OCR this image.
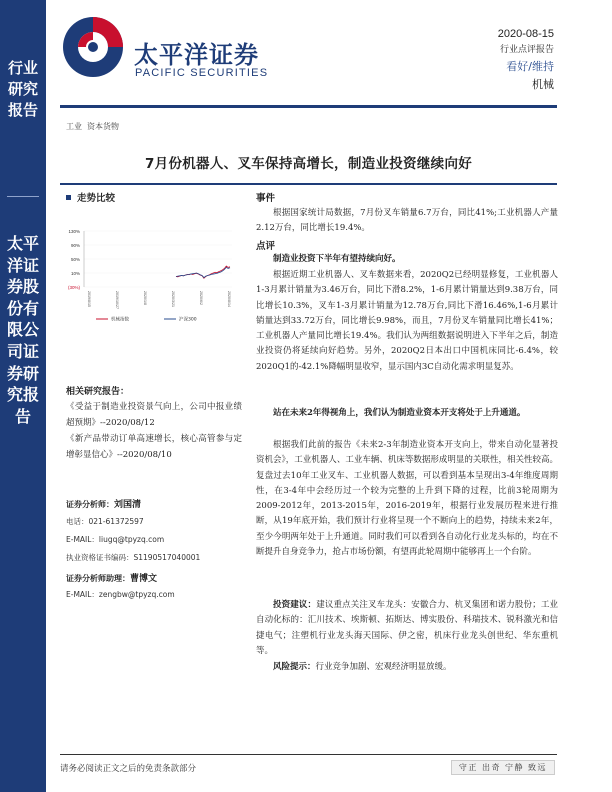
行业研究报告
太平洋证券股份有限公司证券研究报告
太平洋证券
PACIFIC SECURITIES
2020-08-15
行业点评报告
看好/维持
机械
工业 资本货物
7月份机器人、叉车保持高增长，制造业投资继续向好
走势比较
130%
90%
50%
10%
(30%)
2019/8/15	2019/10/27	2020/1/8	2020/3/21	2020/6/2	2020/8/14
机械指数	沪深300
相关研究报告：
《受益于制造业投资景气向上，公司中报业绩超预期》--2020/08/12
《新产品带动订单高速增长，核心高管参与定增彰显信心》--2020/08/10
证券分析师：刘国清
电话：021-61372597
E-MAIL：liugq@tpyzq.com
执业资格证书编码：S1190517040001
证券分析师助理：曹博文
E-MAIL：zengbw@tpyzq.com
事件
根据国家统计局数据，7月份叉车销量6.7万台，同比41%;工业机器人产量2.12万台，同比增长19.4%。
点评
制造业投资下半年有望持续向好。
根据近期工业机器人、叉车数据来看，2020Q2已经明显修复，工业机器人1-3月累计销量为3.46万台，同比下滑8.2%，1-6月累计销量达到9.38万台，同比增长10.3%，叉车1-3月累计销量为12.78万台,同比下滑16.46%,1-6月累计销量达到33.72万台，同比增长9.98%，而且，7月份叉车销量同比增长41%；工业机器人产量同比增长19.4%。我们认为两组数据说明进入下半年之后，制造业投资仍将延续向好趋势。另外，2020Q2日本出口中国机床同比-6.4%，较2020Q1的-42.1%降幅明显收窄，显示国内3C自动化需求明显复苏。
站在未来2年得视角上，我们认为制造业资本开支将处于上升通道。
根据我们此前的报告《未来2-3年制造业资本开支向上，带来自动化显著投资机会》，工业机器人、工业车辆、机床等数据形成明显的关联性，相关性较高。复盘过去10年工业叉车、工业机器人数据，可以看到基本呈现出3-4年维度周期性，在3-4年中会经历过一个较为完整的上升到下降的过程，比前3轮周期为2009-2012年，2013-2015年，2016-2019年，根据行业发展历程来进行推断，从19年底开始，我们预计行业将呈现一个不断向上的趋势，持续未来2年，至少今明两年处于上升通道。同时我们可以看到各自动化行业龙头标的，均在不断提升自身竞争力，抢占市场份额，有望再此轮周期中能够再上一个台阶。
投资建议：建议重点关注叉车龙头：安徽合力、杭叉集团和诺力股份；工业自动化标的：汇川技术、埃斯顿、拓斯达、博实股份、科瑞技术、锐科激光和信捷电气；注塑机行业龙头海天国际、伊之密，机床行业龙头创世纪、华东重机等。
风险提示：行业竞争加剧、宏观经济明显放缓。
请务必阅读正文之后的免责条款部分	守正 出奇 宁静 致远
